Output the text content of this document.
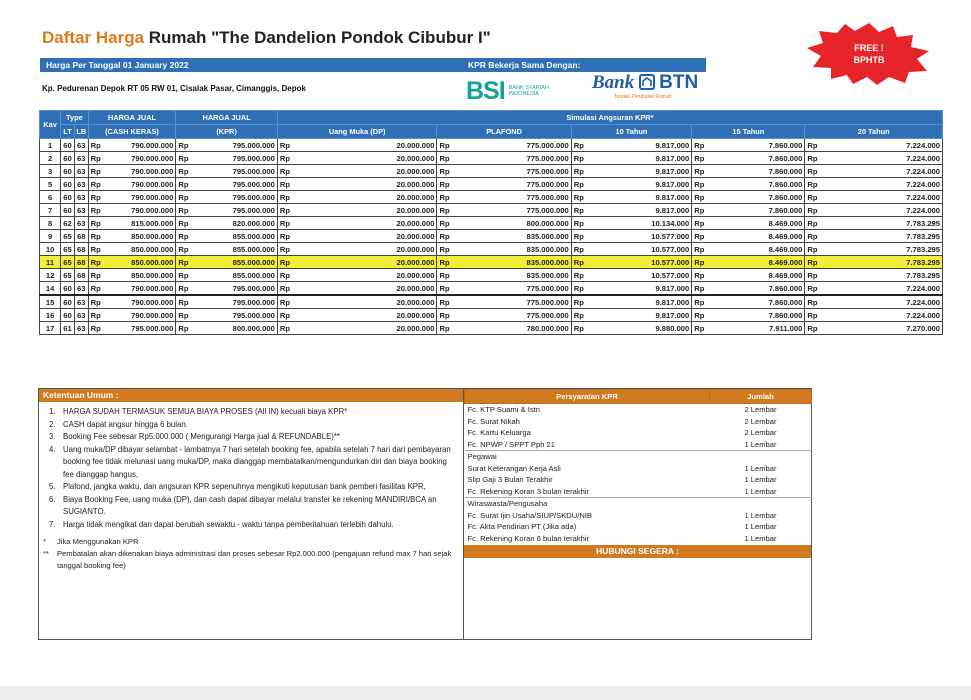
Daftar Harga Rumah "The Dandelion Pondok Cibubur I"
Harga Per Tanggal 01 January 2022	KPR Bekerja Sama Dengan:
Kp. Pedurenan Depok RT 05 RW 01, Cisalak Pasar, Cimanggis, Depok	BSI BANK SYARIAH
INDONESIA
Bank BTN
Terbaik Penduduk Rumah
FREE !
BPHTB
Kav	Type		HARGA JUAL		HARGA JUAL		Simulasi Angsuran KPR*									
	LT	LB	(CASH KERAS)		(KPR)		Uang Muka (DP)		PLAFOND		10 Tahun		15 Tahun		20 Tahun	
1	60	63	Rp	790.000.000	Rp	795.000.000	Rp	20.000.000	Rp	775.000.000	Rp	9.817.000	Rp	7.860.000	Rp	7.224.000
2	60	63	Rp	790.000.000	Rp	795.000.000	Rp	20.000.000	Rp	775.000.000	Rp	9.817.000	Rp	7.860.000	Rp	7.224.000
3	60	63	Rp	790.000.000	Rp	795.000.000	Rp	20.000.000	Rp	775.000.000	Rp	9.817.000	Rp	7.860.000	Rp	7.224.000
5	60	63	Rp	790.000.000	Rp	795.000.000	Rp	20.000.000	Rp	775.000.000	Rp	9.817.000	Rp	7.860.000	Rp	7.224.000
6	60	63	Rp	790.000.000	Rp	795.000.000	Rp	20.000.000	Rp	775.000.000	Rp	9.817.000	Rp	7.860.000	Rp	7.224.000
7	60	63	Rp	790.000.000	Rp	795.000.000	Rp	20.000.000	Rp	775.000.000	Rp	9.817.000	Rp	7.860.000	Rp	7.224.000
8	62	63	Rp	815.000.000	Rp	820.000.000	Rp	20.000.000	Rp	800.000.000	Rp	10.134.000	Rp	8.469.000	Rp	7.783.295
9	65	68	Rp	850.000.000	Rp	855.000.000	Rp	20.000.000	Rp	835.000.000	Rp	10.577.000	Rp	8.469.000	Rp	7.783.295
10	65	68	Rp	850.000.000	Rp	855.000.000	Rp	20.000.000	Rp	835.000.000	Rp	10.577.000	Rp	8.469.000	Rp	7.783.295
11	65	68	Rp	850.000.000	Rp	855.000.000	Rp	20.000.000	Rp	835.000.000	Rp	10.577.000	Rp	8.469.000	Rp	7.783.295
12	65	68	Rp	850.000.000	Rp	855.000.000	Rp	20.000.000	Rp	835.000.000	Rp	10.577.000	Rp	8.469.000	Rp	7.783.295
14	60	63	Rp	790.000.000	Rp	795.000.000	Rp	20.000.000	Rp	775.000.000	Rp	9.817.000	Rp	7.860.000	Rp	7.224.000
15	60	63	Rp	790.000.000	Rp	795.000.000	Rp	20.000.000	Rp	775.000.000	Rp	9.817.000	Rp	7.860.000	Rp	7.224.000
16	60	63	Rp	790.000.000	Rp	795.000.000	Rp	20.000.000	Rp	775.000.000	Rp	9.817.000	Rp	7.860.000	Rp	7.224.000
17	61	63	Rp	795.000.000	Rp	800.000.000	Rp	20.000.000	Rp	780.000.000	Rp	9.880.000	Rp	7.911.000	Rp	7.270.000
Ketentuan Umum :
1. HARGA SUDAH TERMASUK SEMUA BIAYA PROSES (All IN) kecuali biaya KPR*
2. CASH dapat angsur hingga 6 bulan.
3. Booking Fee sebesar Rp5.000.000 ( Mengurangi Harga jual & REFUNDABLE)**
4. Uang muka/DP dibayar selambat - lambatnya 7 hari setelah booking fee, apabila setelah 7 hari dari pembayaran booking fee tidak melunasi uang muka/DP, maka dianggap membatalkan/mengundurkan diri dan biaya booking fee dianggap hangus,
5. Plafond, jangka waktu, dan angsuran KPR sepenuhnya mengikuti keputusan bank pemberi fasilitas KPR,
6. Biaya Booking Fee, uang muka (DP), dan cash dapat dibayar melalui transfer ke rekening MANDIRI/BCA an SUGIANTO.
7. Harga tidak mengikat dan dapat berubah sewaktu - waktu tanpa pemberitahuan terlebih dahulu.
*	Jika Menggunakan KPR
**	Pembatalan akan dikenakan biaya administrasi dan proses sebesar Rp2.000.000 (pengajuan refund max 7 hari sejak tanggal booking fee)
Persyaratan KPR	Jumlah
Fc. KTP Suami & Istri	2 Lembar
Fc. Surat Nikah	2 Lembar
Fc. Kartu Keluarga	2 Lembar
Fc. NPWP / SPPT Pph 21	1 Lembar
Pegawai	
Surat Keterangan Kerja Asli	1 Lembar
Slip Gaji 3 Bulan Terakhir	1 Lembar
Fc. Rekening Koran 3 bulan terakhir	1 Lembar
Wiraswasta/Pengusaha	
Fc. Surat Ijin Usaha/SIUP/SKDU/NIB	1 Lembar
Fc. Akta Pendirian PT (Jika ada)	1 Lembar
Fc. Rekening Koran 6 bulan terakhir	1 Lembar
HUBUNGI SEGERA :
